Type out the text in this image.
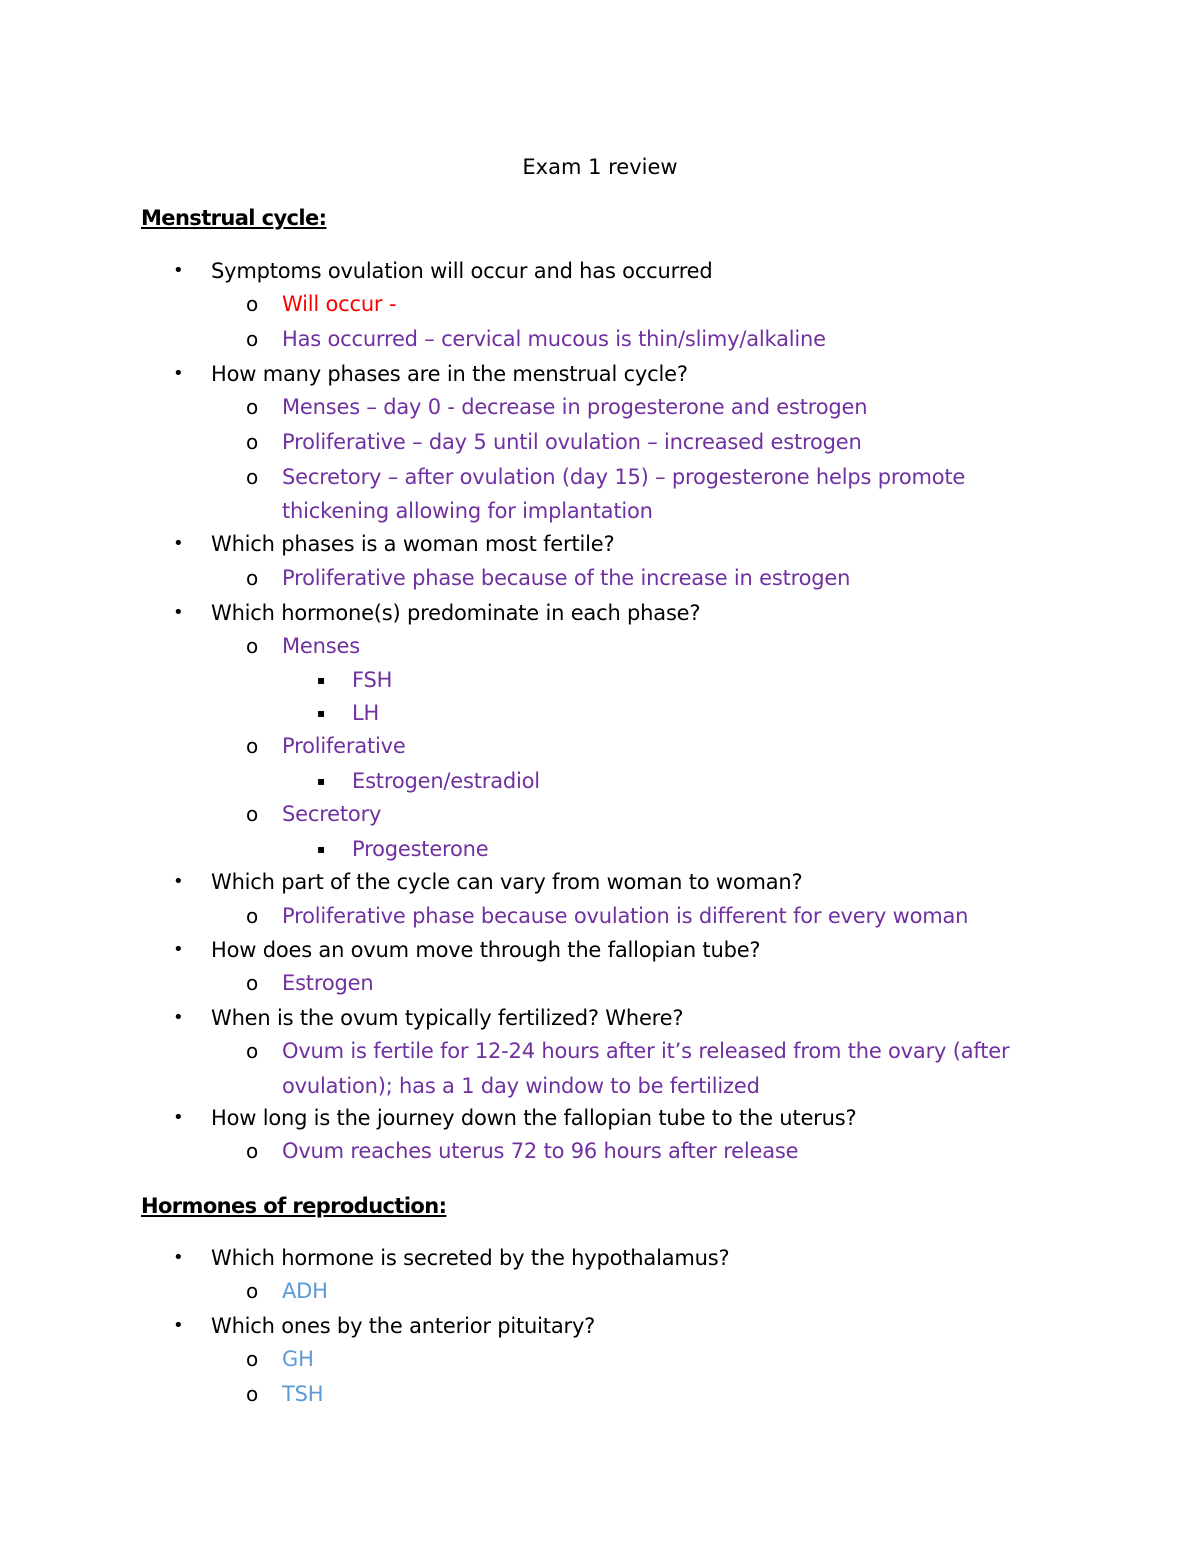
Exam 1 review
Menstrual cycle:
• Symptoms ovulation will occur and has occurred
o Will occur -
o Has occurred – cervical mucous is thin/slimy/alkaline
• How many phases are in the menstrual cycle?
o Menses – day 0 - decrease in progesterone and estrogen
o Proliferative – day 5 until ovulation – increased estrogen
o Secretory – after ovulation (day 15) – progesterone helps promote
thickening allowing for implantation
• Which phases is a woman most fertile?
o Proliferative phase because of the increase in estrogen
• Which hormone(s) predominate in each phase?
o Menses
▪ FSH
▪ LH
o Proliferative
▪ Estrogen/estradiol
o Secretory
▪ Progesterone
• Which part of the cycle can vary from woman to woman?
o Proliferative phase because ovulation is different for every woman
• How does an ovum move through the fallopian tube?
o Estrogen
• When is the ovum typically fertilized? Where?
o Ovum is fertile for 12-24 hours after it’s released from the ovary (after
ovulation); has a 1 day window to be fertilized
• How long is the journey down the fallopian tube to the uterus?
o Ovum reaches uterus 72 to 96 hours after release
Hormones of reproduction:
• Which hormone is secreted by the hypothalamus?
o ADH
• Which ones by the anterior pituitary?
o GH
o TSH
